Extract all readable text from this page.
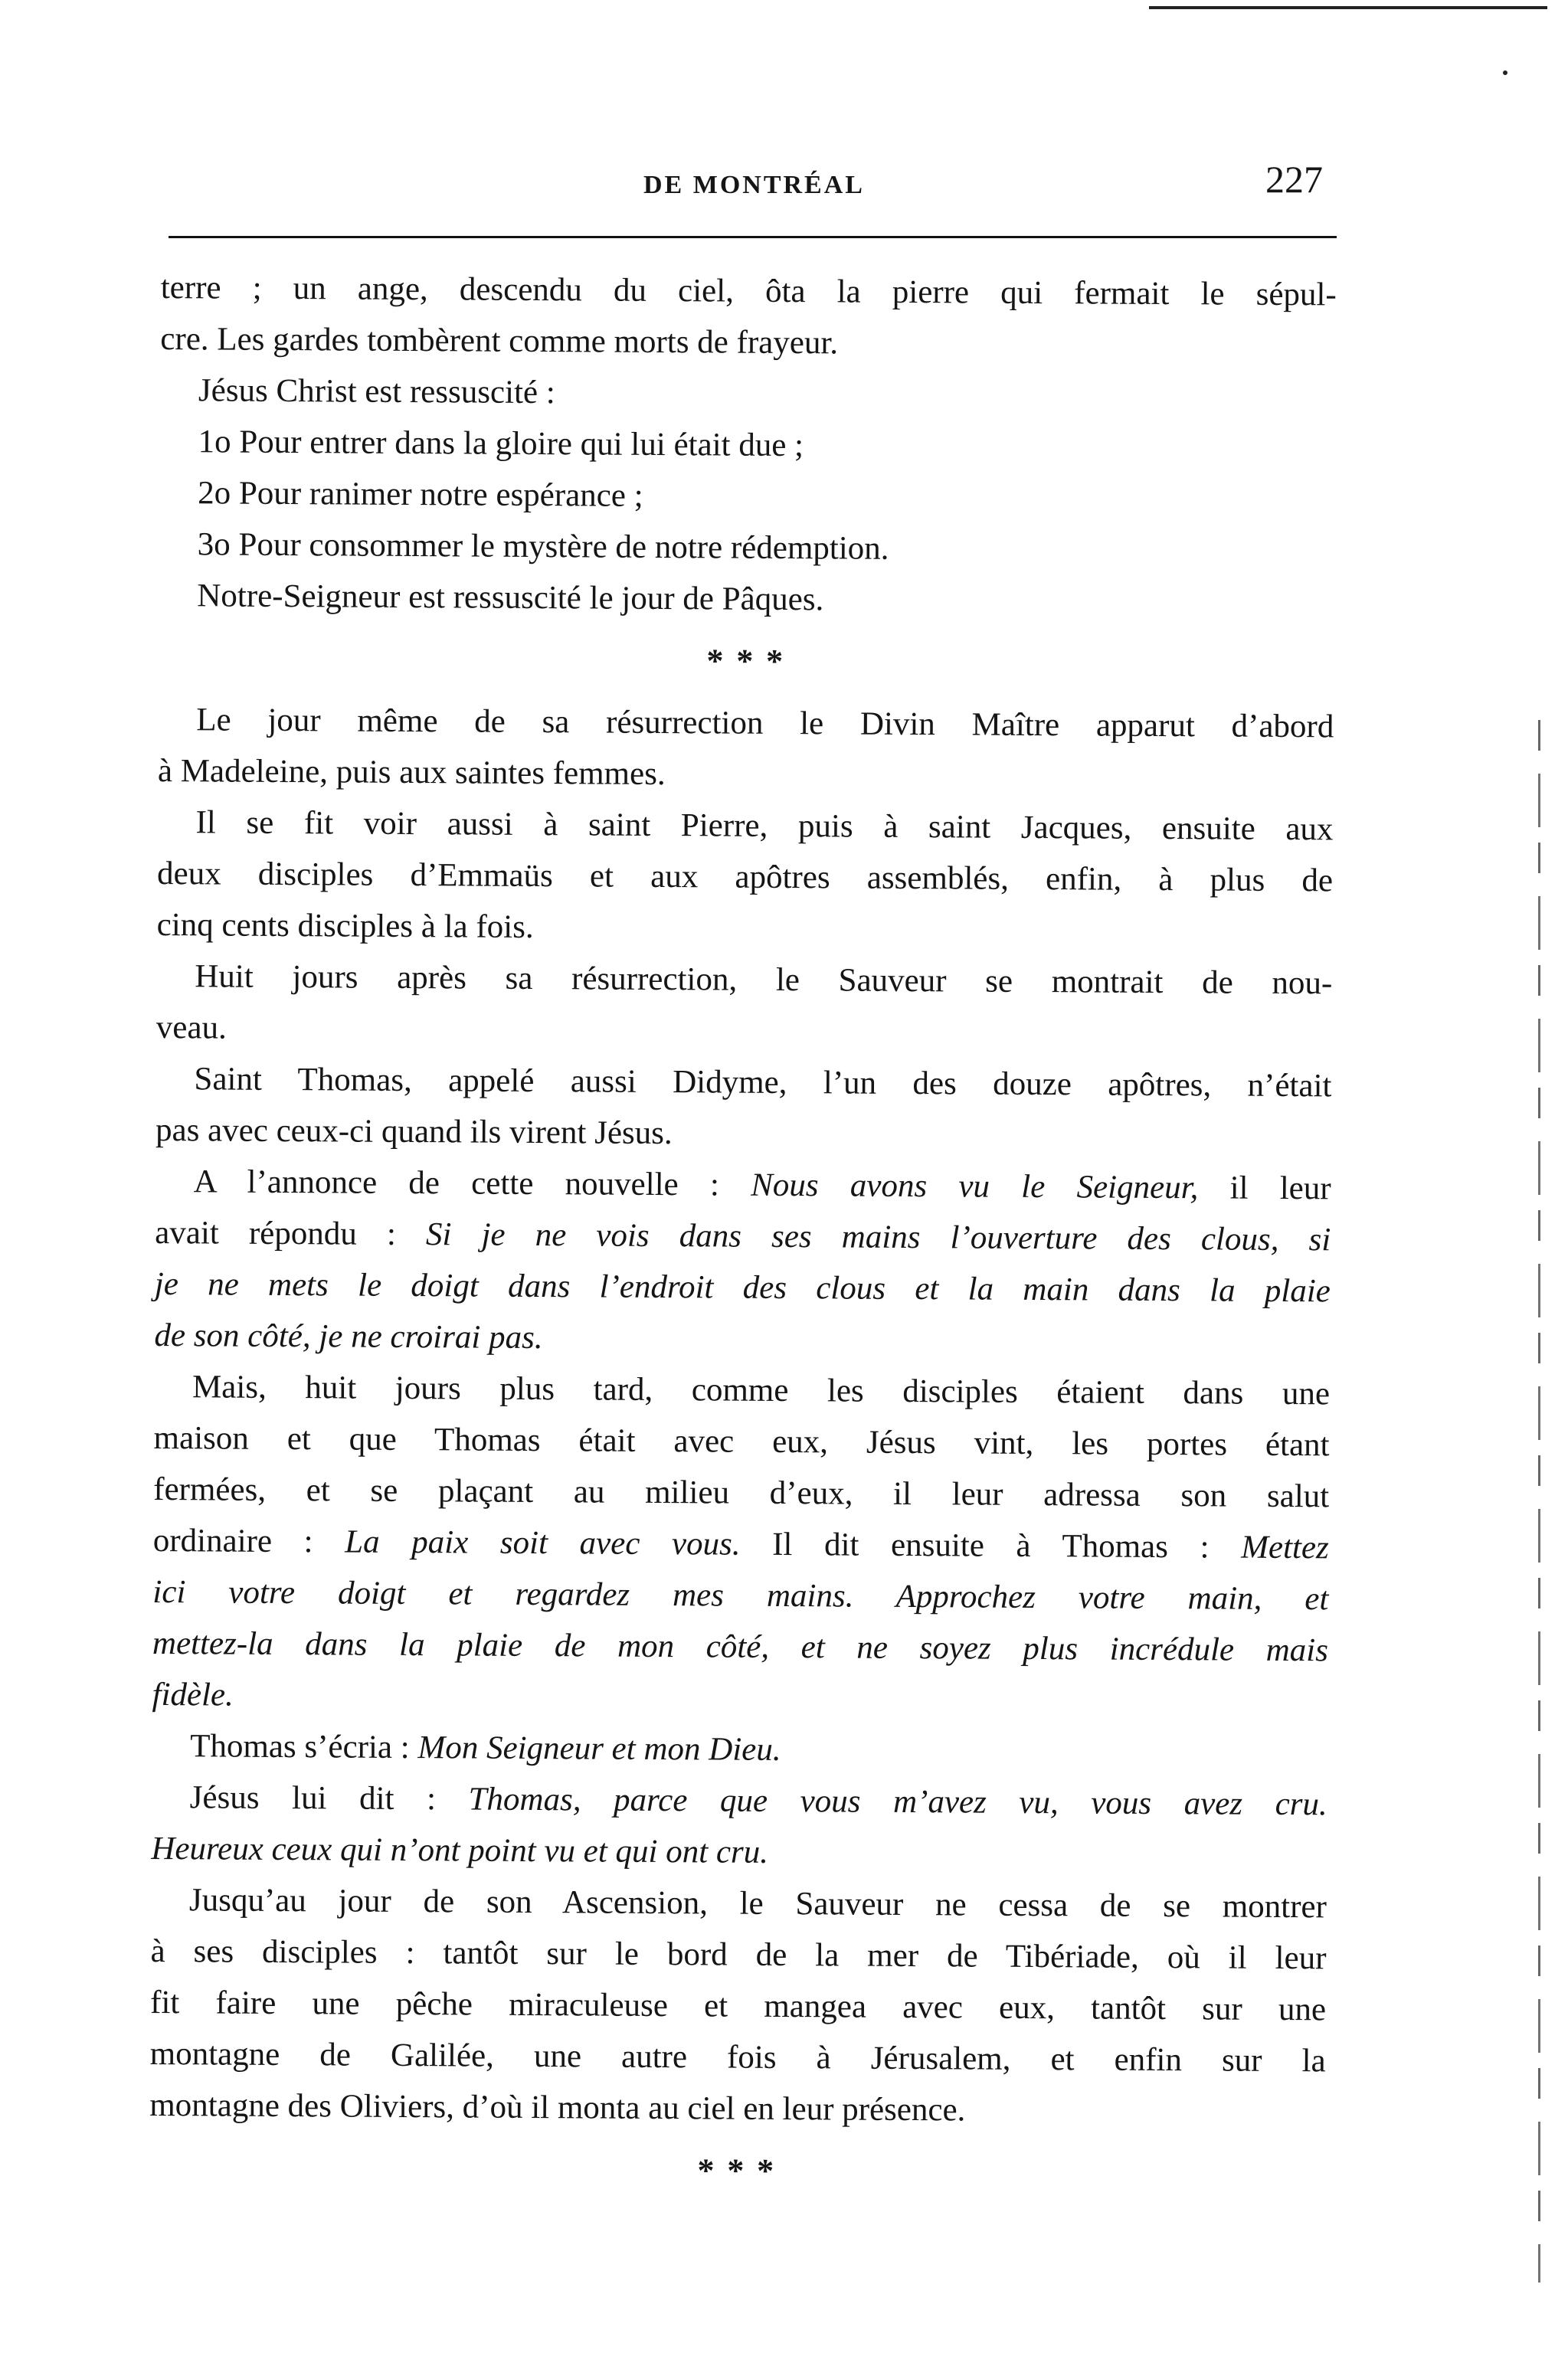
DE MONTRÉAL	227
terre ; un ange, descendu du ciel, ôta la pierre qui fermait le sépul-
cre. Les gardes tombèrent comme morts de frayeur.
Jésus Christ est ressuscité :
1o Pour entrer dans la gloire qui lui était due ;
2o Pour ranimer notre espérance ;
3o Pour consommer le mystère de notre rédemption.
Notre-Seigneur est ressuscité le jour de Pâques.
* * *
Le jour même de sa résurrection le Divin Maître apparut d’abord
à Madeleine, puis aux saintes femmes.
Il se fit voir aussi à saint Pierre, puis à saint Jacques, ensuite aux
deux disciples d’Emmaüs et aux apôtres assemblés, enfin, à plus de
cinq cents disciples à la fois.
Huit jours après sa résurrection, le Sauveur se montrait de nou-
veau.
Saint Thomas, appelé aussi Didyme, l’un des douze apôtres, n’était
pas avec ceux-ci quand ils virent Jésus.
A l’annonce de cette nouvelle : Nous avons vu le Seigneur, il leur
avait répondu : Si je ne vois dans ses mains l’ouverture des clous, si
je ne mets le doigt dans l’endroit des clous et la main dans la plaie
de son côté, je ne croirai pas.
Mais, huit jours plus tard, comme les disciples étaient dans une
maison et que Thomas était avec eux, Jésus vint, les portes étant
fermées, et se plaçant au milieu d’eux, il leur adressa son salut
ordinaire : La paix soit avec vous. Il dit ensuite à Thomas : Mettez
ici votre doigt et regardez mes mains. Approchez votre main, et
mettez-la dans la plaie de mon côté, et ne soyez plus incrédule mais
fidèle.
Thomas s’écria : Mon Seigneur et mon Dieu.
Jésus lui dit : Thomas, parce que vous m’avez vu, vous avez cru.
Heureux ceux qui n’ont point vu et qui ont cru.
Jusqu’au jour de son Ascension, le Sauveur ne cessa de se montrer
à ses disciples : tantôt sur le bord de la mer de Tibériade, où il leur
fit faire une pêche miraculeuse et mangea avec eux, tantôt sur une
montagne de Galilée, une autre fois à Jérusalem, et enfin sur la
montagne des Oliviers, d’où il monta au ciel en leur présence.
* * *
